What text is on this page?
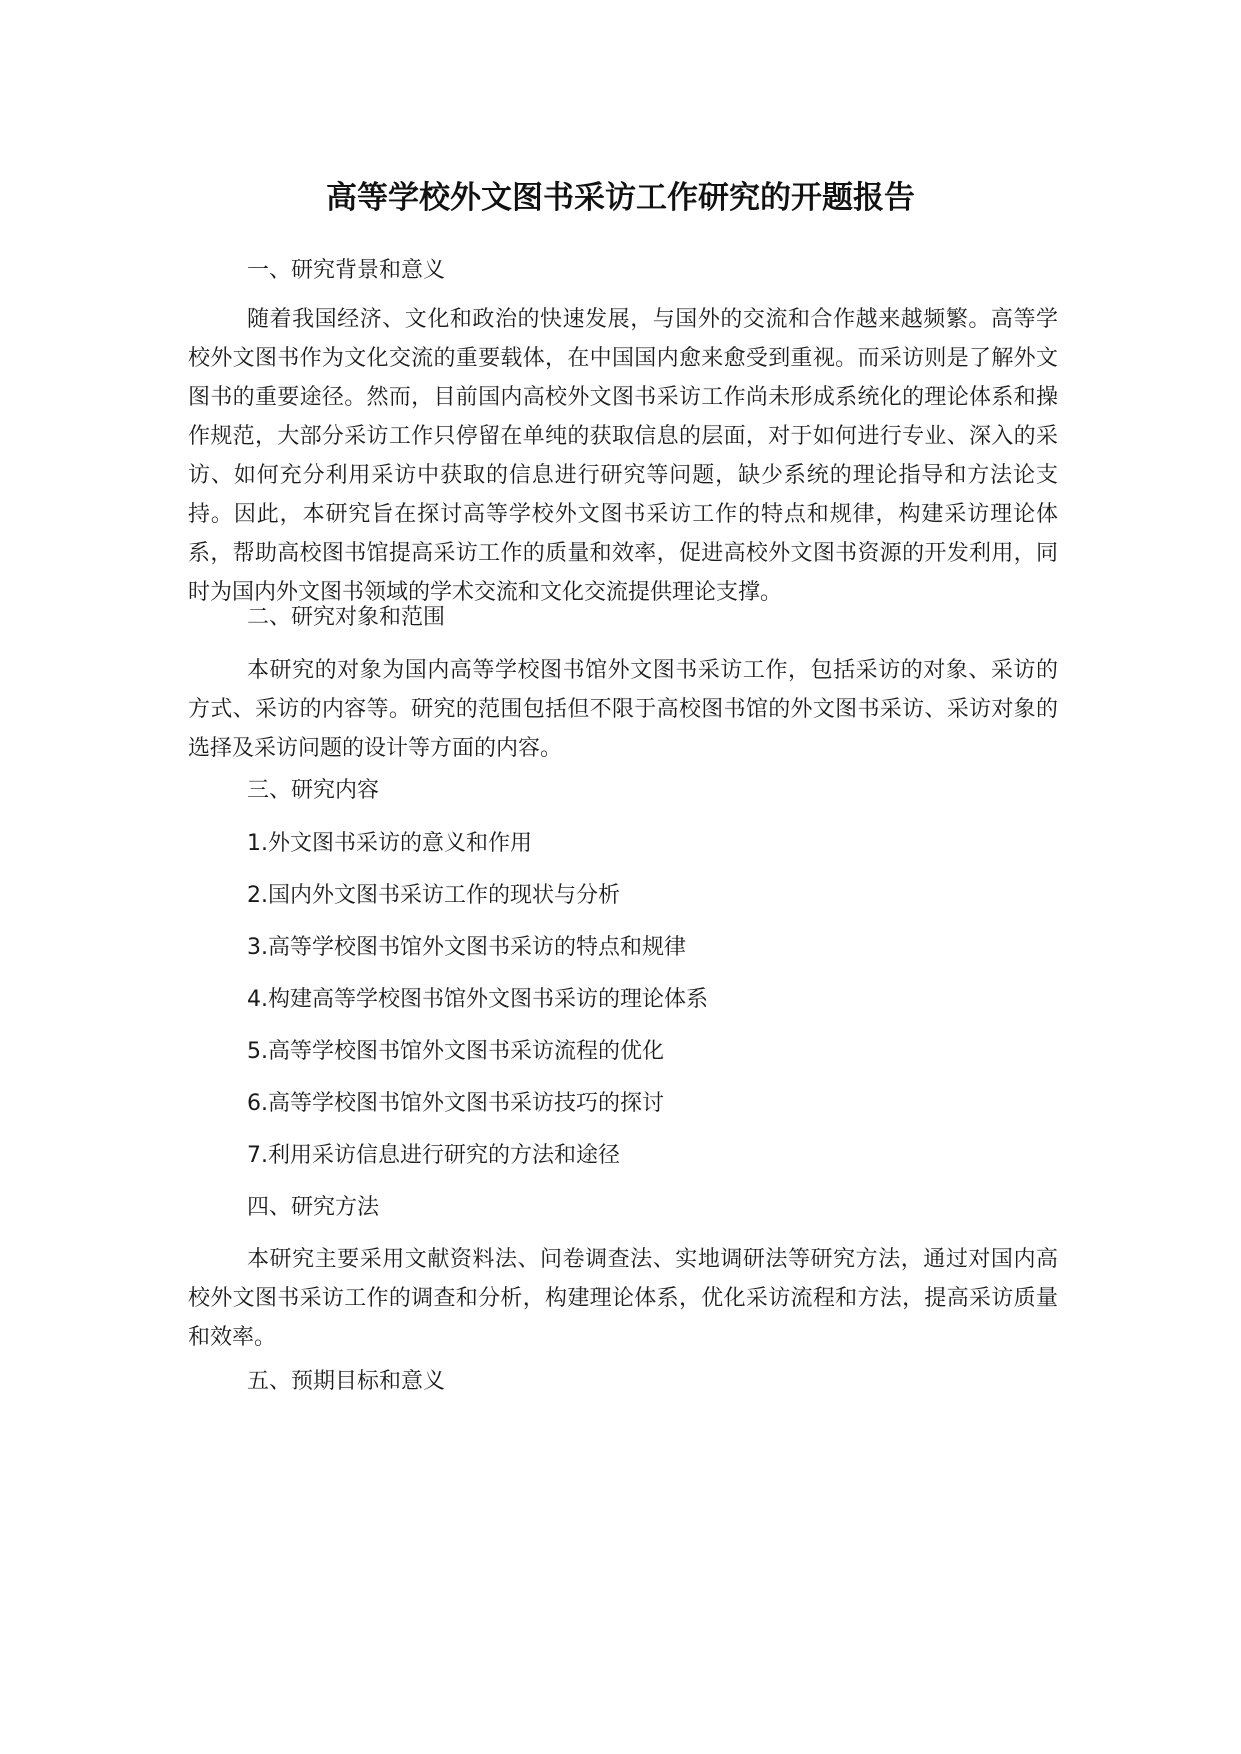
高等学校外文图书采访工作研究的开题报告

一、研究背景和意义

随着我国经济、文化和政治的快速发展，与国外的交流和合作越来越频繁。高等学校外文图书作为文化交流的重要载体，在中国国内愈来愈受到重视。而采访则是了解外文图书的重要途径。然而，目前国内高校外文图书采访工作尚未形成系统化的理论体系和操作规范，大部分采访工作只停留在单纯的获取信息的层面，对于如何进行专业、深入的采访、如何充分利用采访中获取的信息进行研究等问题，缺少系统的理论指导和方法论支持。因此，本研究旨在探讨高等学校外文图书采访工作的特点和规律，构建采访理论体系，帮助高校图书馆提高采访工作的质量和效率，促进高校外文图书资源的开发利用，同时为国内外文图书领域的学术交流和文化交流提供理论支撑。

二、研究对象和范围

本研究的对象为国内高等学校图书馆外文图书采访工作，包括采访的对象、采访的方式、采访的内容等。研究的范围包括但不限于高校图书馆的外文图书采访、采访对象的选择及采访问题的设计等方面的内容。

三、研究内容

1.外文图书采访的意义和作用

2.国内外文图书采访工作的现状与分析

3.高等学校图书馆外文图书采访的特点和规律

4.构建高等学校图书馆外文图书采访的理论体系

5.高等学校图书馆外文图书采访流程的优化

6.高等学校图书馆外文图书采访技巧的探讨

7.利用采访信息进行研究的方法和途径

四、研究方法

本研究主要采用文献资料法、问卷调查法、实地调研法等研究方法，通过对国内高校外文图书采访工作的调查和分析，构建理论体系，优化采访流程和方法，提高采访质量和效率。

五、预期目标和意义
